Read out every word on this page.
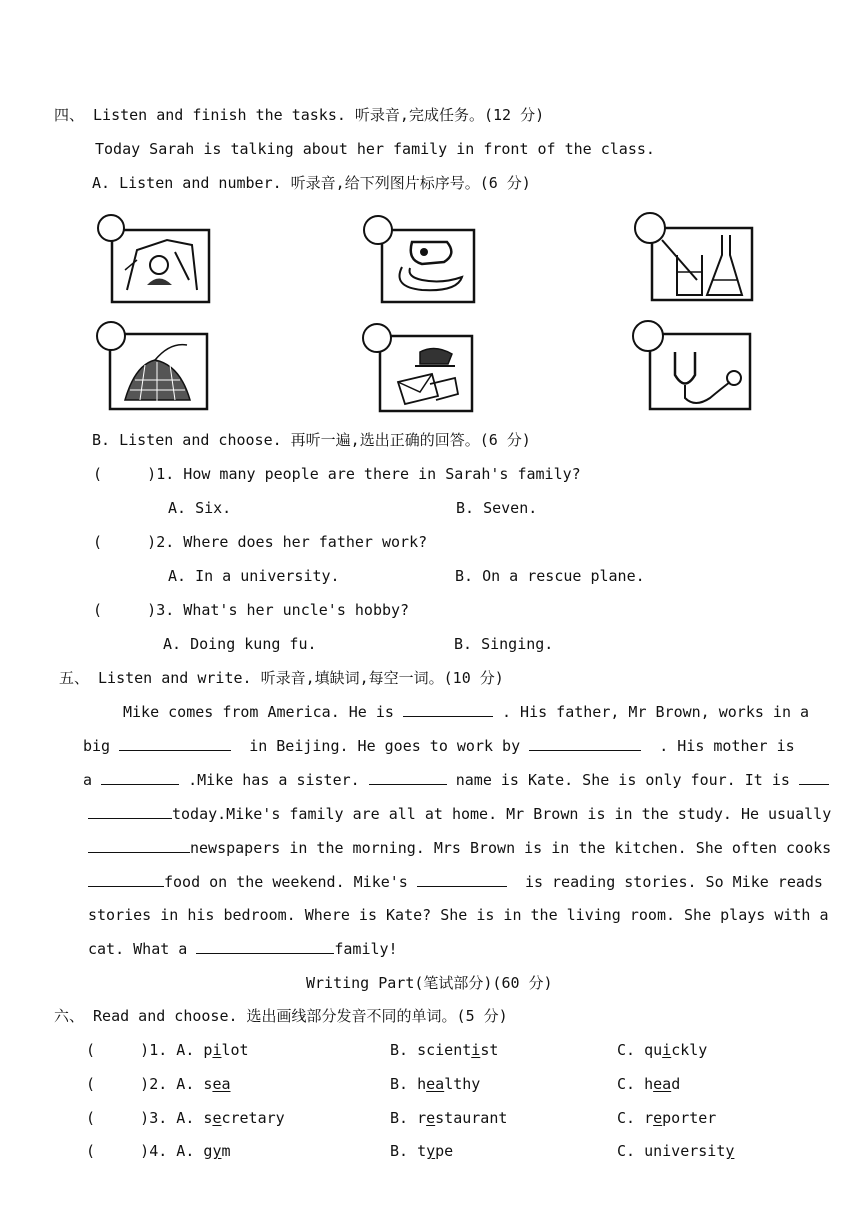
四、 Listen and finish the tasks. 听录音,完成任务。(12 分)
Today Sarah is talking about her family in front of the class.
A. Listen and number. 听录音,给下列图片标序号。(6 分)
B. Listen and choose. 再听一遍,选出正确的回答。(6 分)
(     )1. How many people are there in Sarah's family?
A. Six.	B. Seven.
(     )2. Where does her father work?
A. In a university.	B. On a rescue plane.
(     )3. What's her uncle's hobby?
A. Doing kung fu.	B. Singing.
五、 Listen and write. 听录音,填缺词,每空一词。(10 分)
Mike comes from America. He is	. His father, Mr Brown, works in a
big	in Beijing. He goes to work by	. His mother is
a	.Mike has a sister.	name is Kate. She is only four. It is
today.Mike's family are all at home. Mr Brown is in the study. He usually
newspapers in the morning. Mrs Brown is in the kitchen. She often cooks
food on the weekend. Mike's	is reading stories. So Mike reads
stories in his bedroom. Where is Kate? She is in the living room. She plays with a
cat. What a	family!
Writing Part(笔试部分)(60 分)
六、 Read and choose. 选出画线部分发音不同的单词。(5 分)
(     )1. A. pilot	B. scientist	C. quickly
(     )2. A. sea	B. healthy	C. head
(     )3. A. secretary	B. restaurant	C. reporter
(     )4. A. gym	B. type	C. university
